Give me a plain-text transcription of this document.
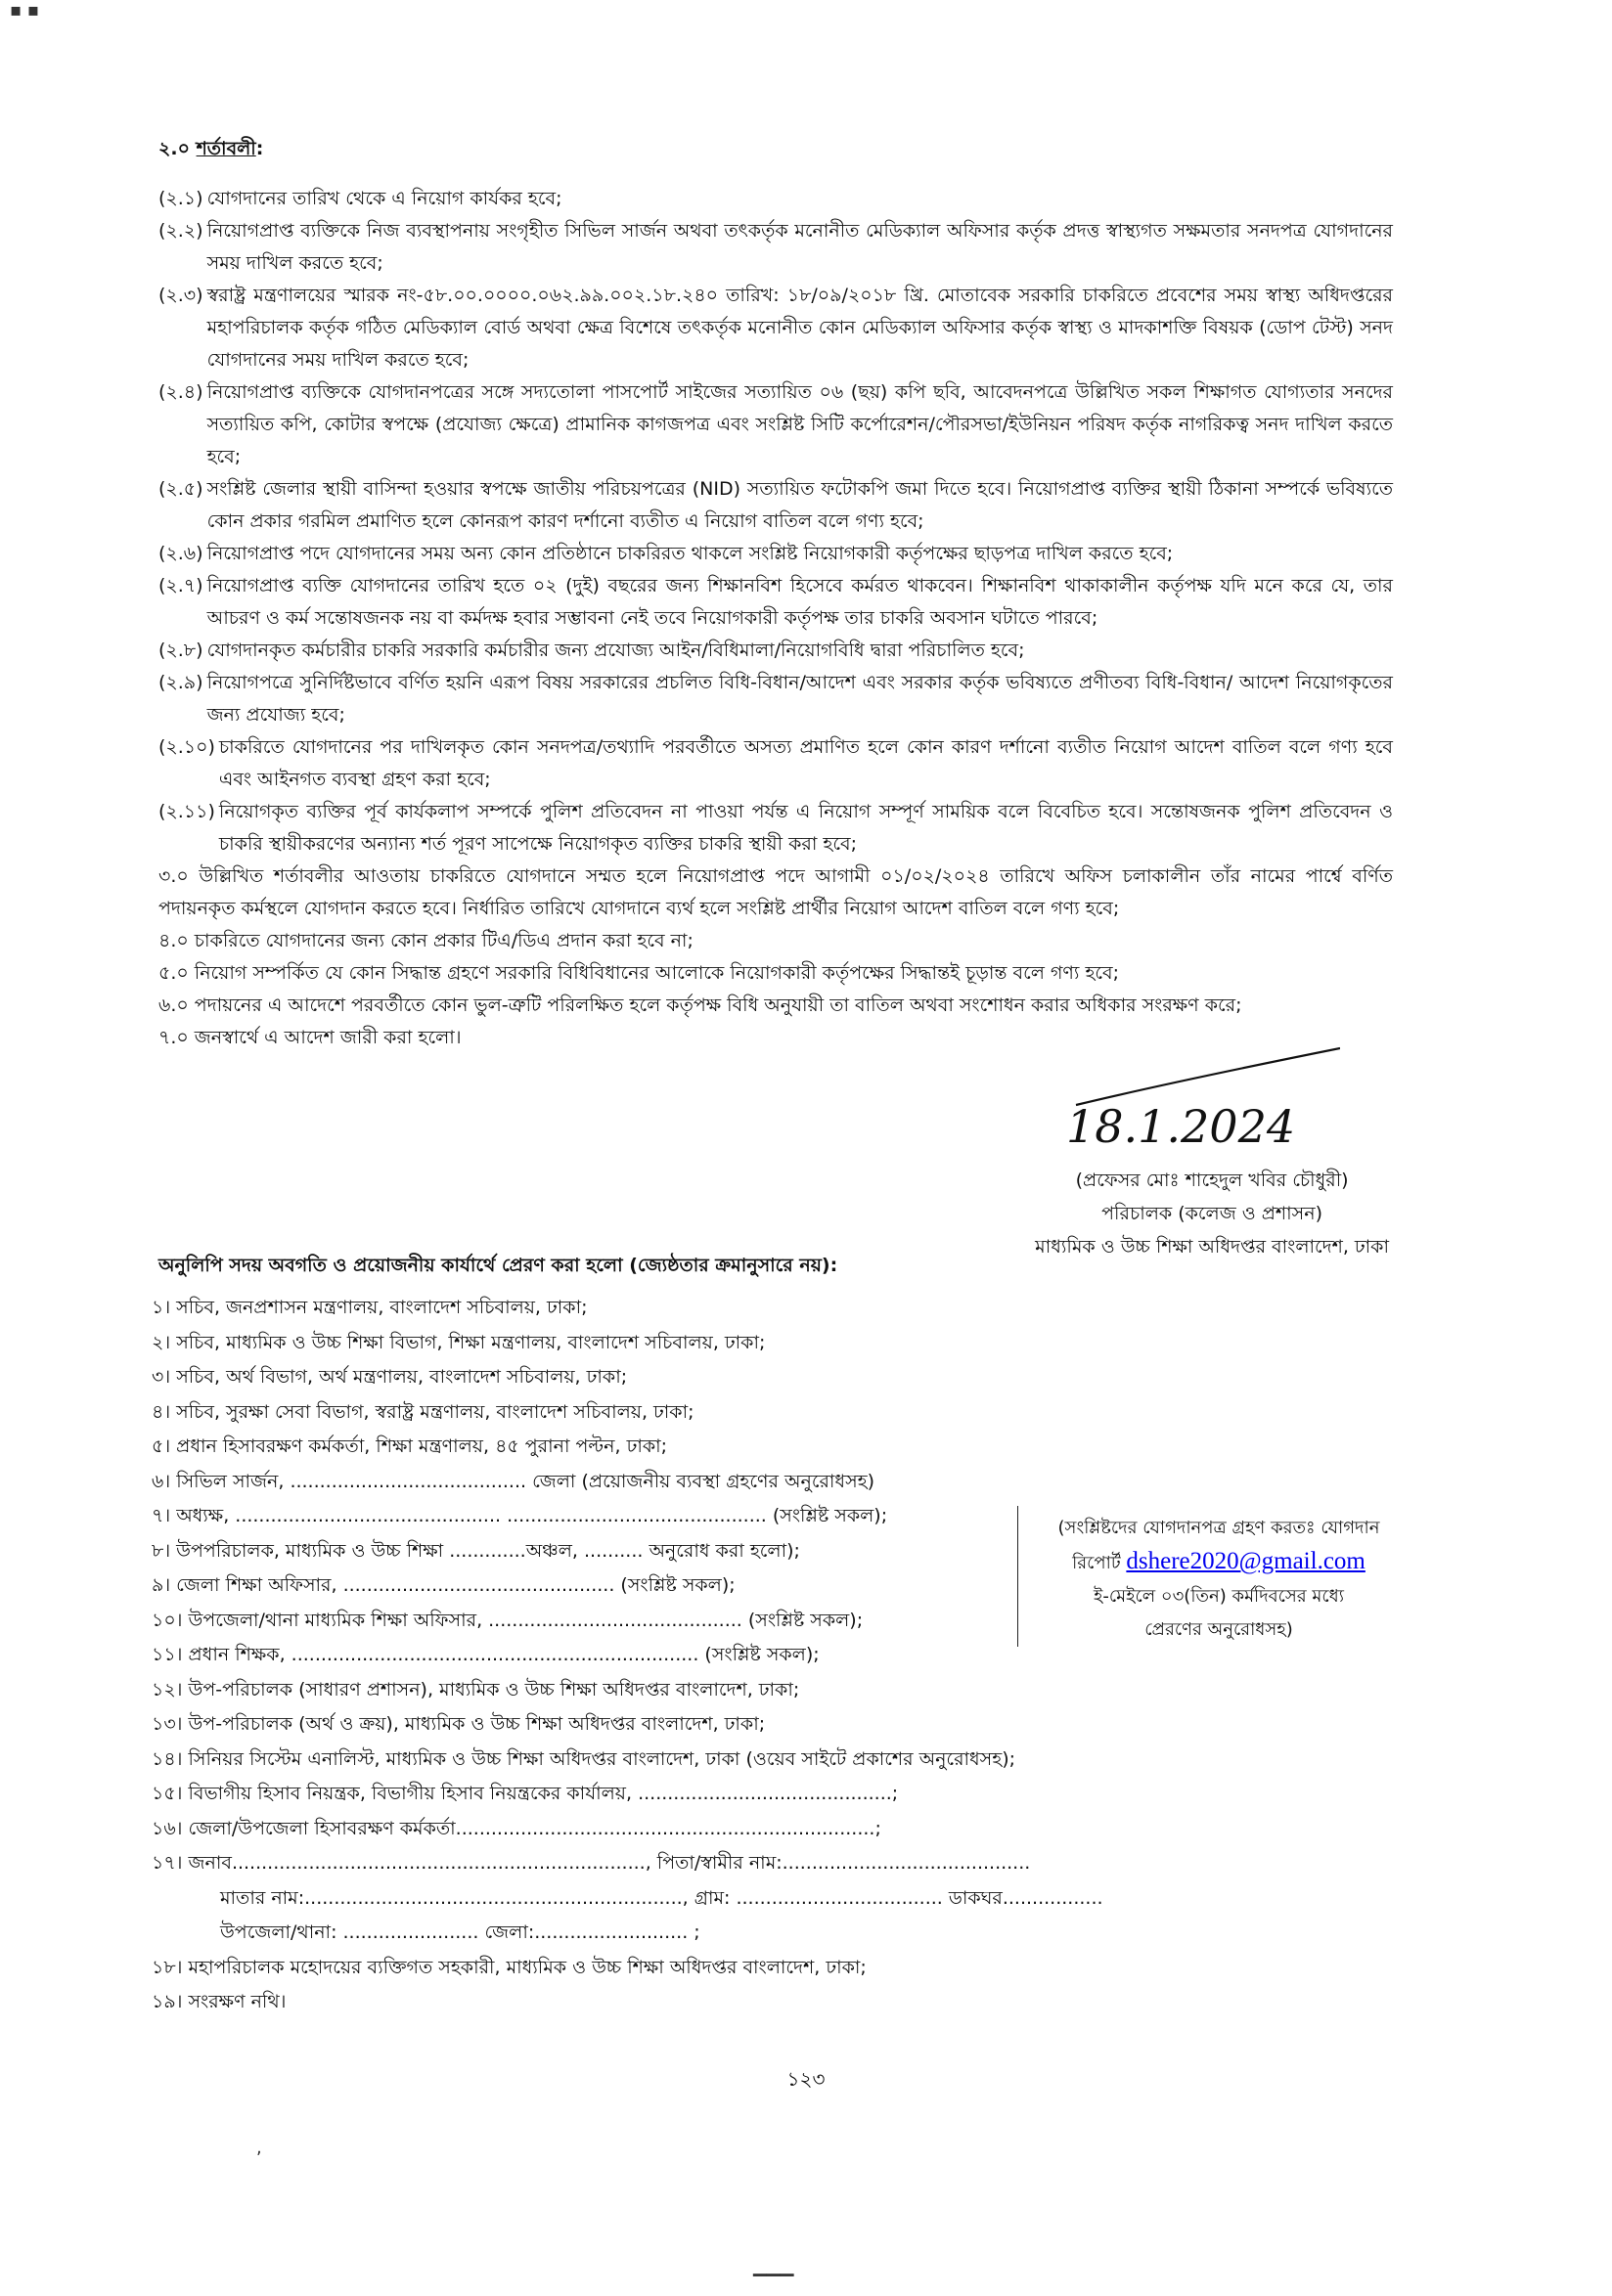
▪ ▪
২.০ শর্তাবলী:
(২.১) যোগদানের তারিখ থেকে এ নিয়োগ কার্যকর হবে;
(২.২) নিয়োগপ্রাপ্ত ব্যক্তিকে নিজ ব্যবস্থাপনায় সংগৃহীত সিভিল সার্জন অথবা তৎকর্তৃক মনোনীত মেডিক্যাল অফিসার কর্তৃক প্রদত্ত স্বাস্থ্যগত সক্ষমতার সনদপত্র যোগদানের সময় দাখিল করতে হবে;
(২.৩) স্বরাষ্ট্র মন্ত্রণালয়ের স্মারক নং-৫৮.০০.০০০০.০৬২.৯৯.০০২.১৮.২৪০ তারিখ: ১৮/০৯/২০১৮ খ্রি. মোতাবেক সরকারি চাকরিতে প্রবেশের সময় স্বাস্থ্য অধিদপ্তরের মহাপরিচালক কর্তৃক গঠিত মেডিক্যাল বোর্ড অথবা ক্ষেত্র বিশেষে তৎকর্তৃক মনোনীত কোন মেডিক্যাল অফিসার কর্তৃক স্বাস্থ্য ও মাদকাশক্তি বিষয়ক (ডোপ টেস্ট) সনদ যোগদানের সময় দাখিল করতে হবে;
(২.৪) নিয়োগপ্রাপ্ত ব্যক্তিকে যোগদানপত্রের সঙ্গে সদ্যতোলা পাসপোর্ট সাইজের সত্যায়িত ০৬ (ছয়) কপি ছবি, আবেদনপত্রে উল্লিখিত সকল শিক্ষাগত যোগ্যতার সনদের সত্যায়িত কপি, কোটার স্বপক্ষে (প্রযোজ্য ক্ষেত্রে) প্রামানিক কাগজপত্র এবং সংশ্লিষ্ট সিটি কর্পোরেশন/পৌরসভা/ইউনিয়ন পরিষদ কর্তৃক নাগরিকত্ব সনদ দাখিল করতে হবে;
(২.৫) সংশ্লিষ্ট জেলার স্থায়ী বাসিন্দা হওয়ার স্বপক্ষে জাতীয় পরিচয়পত্রের (NID) সত্যায়িত ফটোকপি জমা দিতে হবে। নিয়োগপ্রাপ্ত ব্যক্তির স্থায়ী ঠিকানা সম্পর্কে ভবিষ্যতে কোন প্রকার গরমিল প্রমাণিত হলে কোনরূপ কারণ দর্শানো ব্যতীত এ নিয়োগ বাতিল বলে গণ্য হবে;
(২.৬) নিয়োগপ্রাপ্ত পদে যোগদানের সময় অন্য কোন প্রতিষ্ঠানে চাকরিরত থাকলে সংশ্লিষ্ট নিয়োগকারী কর্তৃপক্ষের ছাড়পত্র দাখিল করতে হবে;
(২.৭) নিয়োগপ্রাপ্ত ব্যক্তি যোগদানের তারিখ হতে ০২ (দুই) বছরের জন্য শিক্ষানবিশ হিসেবে কর্মরত থাকবেন। শিক্ষানবিশ থাকাকালীন কর্তৃপক্ষ যদি মনে করে যে, তার আচরণ ও কর্ম সন্তোষজনক নয় বা কর্মদক্ষ হবার সম্ভাবনা নেই তবে নিয়োগকারী কর্তৃপক্ষ তার চাকরি অবসান ঘটাতে পারবে;
(২.৮) যোগদানকৃত কর্মচারীর চাকরি সরকারি কর্মচারীর জন্য প্রযোজ্য আইন/বিধিমালা/নিয়োগবিধি দ্বারা পরিচালিত হবে;
(২.৯) নিয়োগপত্রে সুনির্দিষ্টভাবে বর্ণিত হয়নি এরূপ বিষয় সরকারের প্রচলিত বিধি-বিধান/আদেশ এবং সরকার কর্তৃক ভবিষ্যতে প্রণীতব্য বিধি-বিধান/ আদেশ নিয়োগকৃতের জন্য প্রযোজ্য হবে;
(২.১০) চাকরিতে যোগদানের পর দাখিলকৃত কোন সনদপত্র/তথ্যাদি পরবর্তীতে অসত্য প্রমাণিত হলে কোন কারণ দর্শানো ব্যতীত নিয়োগ আদেশ বাতিল বলে গণ্য হবে এবং আইনগত ব্যবস্থা গ্রহণ করা হবে;
(২.১১) নিয়োগকৃত ব্যক্তির পূর্ব কার্যকলাপ সম্পর্কে পুলিশ প্রতিবেদন না পাওয়া পর্যন্ত এ নিয়োগ সম্পূর্ণ সাময়িক বলে বিবেচিত হবে। সন্তোষজনক পুলিশ প্রতিবেদন ও চাকরি স্থায়ীকরণের অন্যান্য শর্ত পূরণ সাপেক্ষে নিয়োগকৃত ব্যক্তির চাকরি স্থায়ী করা হবে;

৩.০ উল্লিখিত শর্তাবলীর আওতায় চাকরিতে যোগদানে সম্মত হলে নিয়োগপ্রাপ্ত পদে আগামী ০১/০২/২০২৪ তারিখে অফিস চলাকালীন তাঁর নামের পার্শ্বে বর্ণিত পদায়নকৃত কর্মস্থলে যোগদান করতে হবে। নির্ধারিত তারিখে যোগদানে ব্যর্থ হলে সংশ্লিষ্ট প্রার্থীর নিয়োগ আদেশ বাতিল বলে গণ্য হবে;

৪.০ চাকরিতে যোগদানের জন্য কোন প্রকার টিএ/ডিএ প্রদান করা হবে না;

৫.০ নিয়োগ সম্পর্কিত যে কোন সিদ্ধান্ত গ্রহণে সরকারি বিধিবিধানের আলোকে নিয়োগকারী কর্তৃপক্ষের সিদ্ধান্তই চূড়ান্ত বলে গণ্য হবে;

৬.০ পদায়নের এ আদেশে পরবর্তীতে কোন ভুল-ত্রুটি পরিলক্ষিত হলে কর্তৃপক্ষ বিধি অনুযায়ী তা বাতিল অথবা সংশোধন করার অধিকার সংরক্ষণ করে;

৭.০ জনস্বার্থে এ আদেশ জারী করা হলো।

18.1.2024
(প্রফেসর মোঃ শাহেদুল খবির চৌধুরী)
পরিচালক (কলেজ ও প্রশাসন)
মাধ্যমিক ও উচ্চ শিক্ষা অধিদপ্তর বাংলাদেশ, ঢাকা
অনুলিপি সদয় অবগতি ও প্রয়োজনীয় কার্যার্থে প্রেরণ করা হলো (জ্যেষ্ঠতার ক্রমানুসারে নয়):
১। সচিব, জনপ্রশাসন মন্ত্রণালয়, বাংলাদেশ সচিবালয়, ঢাকা;
২। সচিব, মাধ্যমিক ও উচ্চ শিক্ষা বিভাগ, শিক্ষা মন্ত্রণালয়, বাংলাদেশ সচিবালয়, ঢাকা;
৩। সচিব, অর্থ বিভাগ, অর্থ মন্ত্রণালয়, বাংলাদেশ সচিবালয়, ঢাকা;
৪। সচিব, সুরক্ষা সেবা বিভাগ, স্বরাষ্ট্র মন্ত্রণালয়, বাংলাদেশ সচিবালয়, ঢাকা;
৫। প্রধান হিসাবরক্ষণ কর্মকর্তা, শিক্ষা মন্ত্রণালয়, ৪৫ পুরানা পল্টন, ঢাকা;
৬। সিভিল সার্জন, ........................................ জেলা (প্রয়োজনীয় ব্যবস্থা গ্রহণের অনুরোধসহ)
৭। অধ্যক্ষ, ............................................. ............................................ (সংশ্লিষ্ট সকল);
৮। উপপরিচালক, মাধ্যমিক ও উচ্চ শিক্ষা .............অঞ্চল, .......... অনুরোধ করা হলো);
৯। জেলা শিক্ষা অফিসার, .............................................. (সংশ্লিষ্ট সকল);
১০। উপজেলা/থানা মাধ্যমিক শিক্ষা অফিসার, ........................................... (সংশ্লিষ্ট সকল);
১১। প্রধান শিক্ষক, ..................................................................... (সংশ্লিষ্ট সকল);
১২। উপ-পরিচালক (সাধারণ প্রশাসন), মাধ্যমিক ও উচ্চ শিক্ষা অধিদপ্তর বাংলাদেশ, ঢাকা;
১৩। উপ-পরিচালক (অর্থ ও ক্রয়), মাধ্যমিক ও উচ্চ শিক্ষা অধিদপ্তর বাংলাদেশ, ঢাকা;
১৪। সিনিয়র সিস্টেম এনালিস্ট, মাধ্যমিক ও উচ্চ শিক্ষা অধিদপ্তর বাংলাদেশ, ঢাকা (ওয়েব সাইটে প্রকাশের অনুরোধসহ);
১৫। বিভাগীয় হিসাব নিয়ন্ত্রক, বিভাগীয় হিসাব নিয়ন্ত্রকের কার্যালয়, ...........................................;
১৬। জেলা/উপজেলা হিসাবরক্ষণ কর্মকর্তা.......................................................................;
১৭। জনাব......................................................................, পিতা/স্বামীর নাম:..........................................
মাতার নাম:................................................................, গ্রাম: ................................... ডাকঘর.................
উপজেলা/থানা: ....................... জেলা:.......................... ;
১৮। মহাপরিচালক মহোদয়ের ব্যক্তিগত সহকারী, মাধ্যমিক ও উচ্চ শিক্ষা অধিদপ্তর বাংলাদেশ, ঢাকা;
১৯। সংরক্ষণ নথি।
(সংশ্লিষ্টদের যোগদানপত্র গ্রহণ করতঃ যোগদান
রিপোর্ট dshere2020@gmail.com
ই-মেইলে ০৩(তিন) কর্মদিবসের মধ্যে
প্রেরণের অনুরোধসহ)
১২৩
,
▔▔▔
